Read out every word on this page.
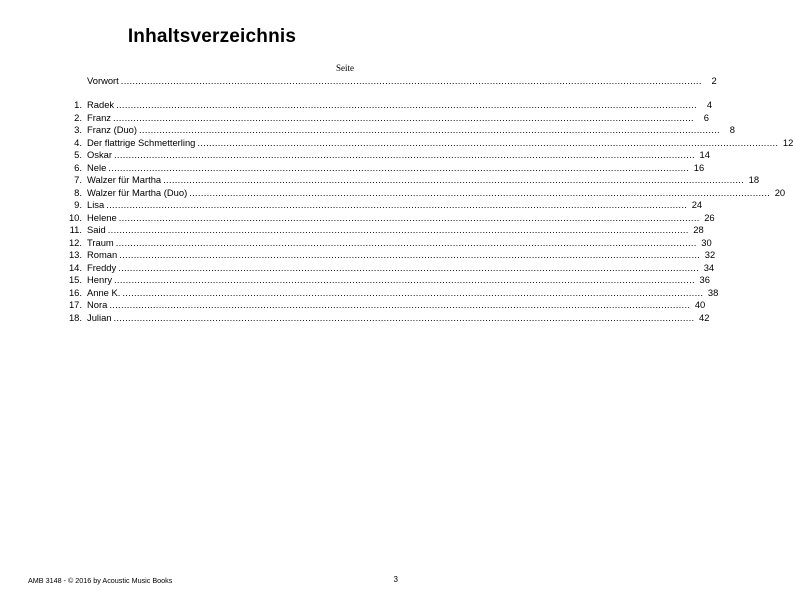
Inhaltsverzeichnis
Seite
Vorwort ........................................................................................................................................................................................................	2
1. Radek ........................................................................................................................................................................................................	4
2. Franz ........................................................................................................................................................................................................	6
3. Franz (Duo) ........................................................................................................................................................................................................	8
4. Der flattrige Schmetterling ........................................................................................................................................................................................................ 12
5. Oskar ........................................................................................................................................................................................................ 14
6. Nele ........................................................................................................................................................................................................ 16
7. Walzer für Martha ........................................................................................................................................................................................................ 18
8. Walzer für Martha (Duo) ........................................................................................................................................................................................................ 20
9. Lisa ........................................................................................................................................................................................................ 24
10. Helene ........................................................................................................................................................................................................ 26
11. Said ........................................................................................................................................................................................................ 28
12. Traum ........................................................................................................................................................................................................ 30
13. Roman ........................................................................................................................................................................................................ 32
14. Freddy ........................................................................................................................................................................................................ 34
15. Henry ........................................................................................................................................................................................................ 36
16. Anne K. ........................................................................................................................................................................................................ 38
17. Nora ........................................................................................................................................................................................................ 40
18. Julian ........................................................................................................................................................................................................ 42
AMB 3148 - © 2016 by Acoustic Music Books	3
